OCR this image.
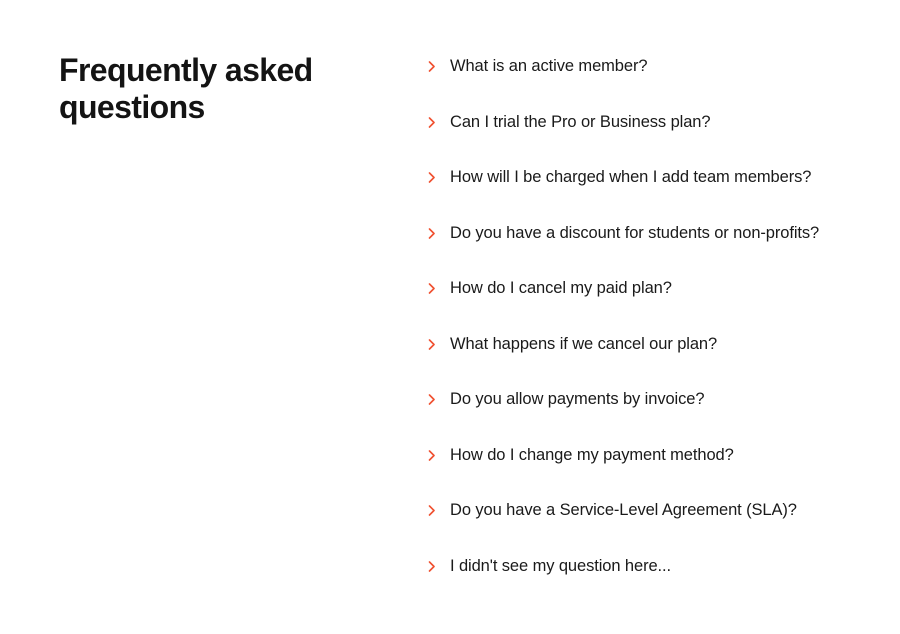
Frequently asked questions
What is an active member?
Can I trial the Pro or Business plan?
How will I be charged when I add team members?
Do you have a discount for students or non-profits?
How do I cancel my paid plan?
What happens if we cancel our plan?
Do you allow payments by invoice?
How do I change my payment method?
Do you have a Service-Level Agreement (SLA)?
I didn't see my question here...
